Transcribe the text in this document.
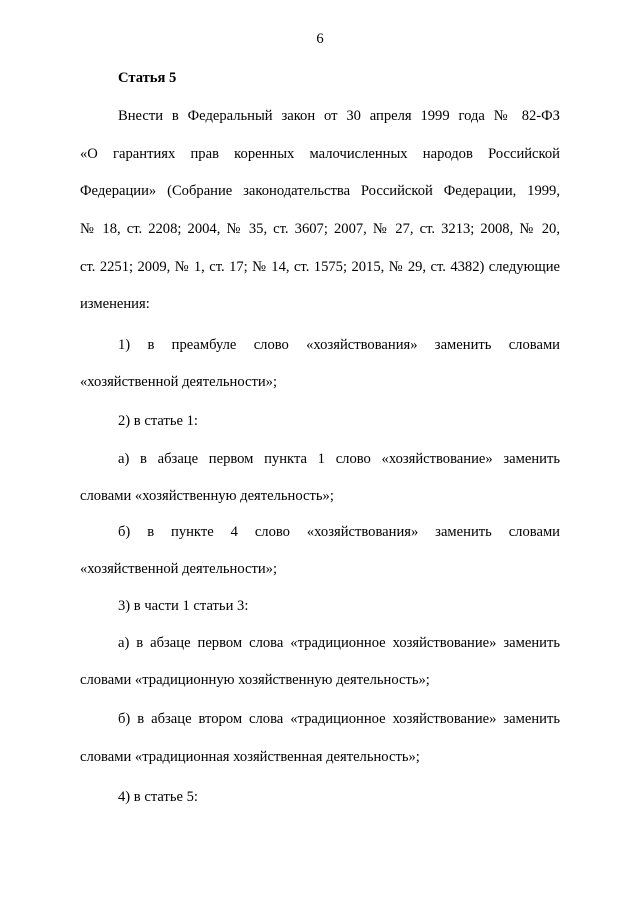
6
Статья 5
Внести в Федеральный закон от 30 апреля 1999 года № 82-ФЗ
«О гарантиях прав коренных малочисленных народов Российской
Федерации» (Собрание законодательства Российской Федерации, 1999,
№ 18, ст. 2208; 2004, № 35, ст. 3607; 2007, № 27, ст. 3213; 2008, № 20,
ст. 2251; 2009, № 1, ст. 17; № 14, ст. 1575; 2015, № 29, ст. 4382) следующие
изменения:
1) в преамбуле слово «хозяйствования» заменить словами
«хозяйственной деятельности»;
2) в статье 1:
а) в абзаце первом пункта 1 слово «хозяйствование» заменить
словами «хозяйственную деятельность»;
б) в пункте 4 слово «хозяйствования» заменить словами
«хозяйственной деятельности»;
3) в части 1 статьи 3:
а) в абзаце первом слова «традиционное хозяйствование» заменить
словами «традиционную хозяйственную деятельность»;
б) в абзаце втором слова «традиционное хозяйствование» заменить
словами «традиционная хозяйственная деятельность»;
4) в статье 5:
